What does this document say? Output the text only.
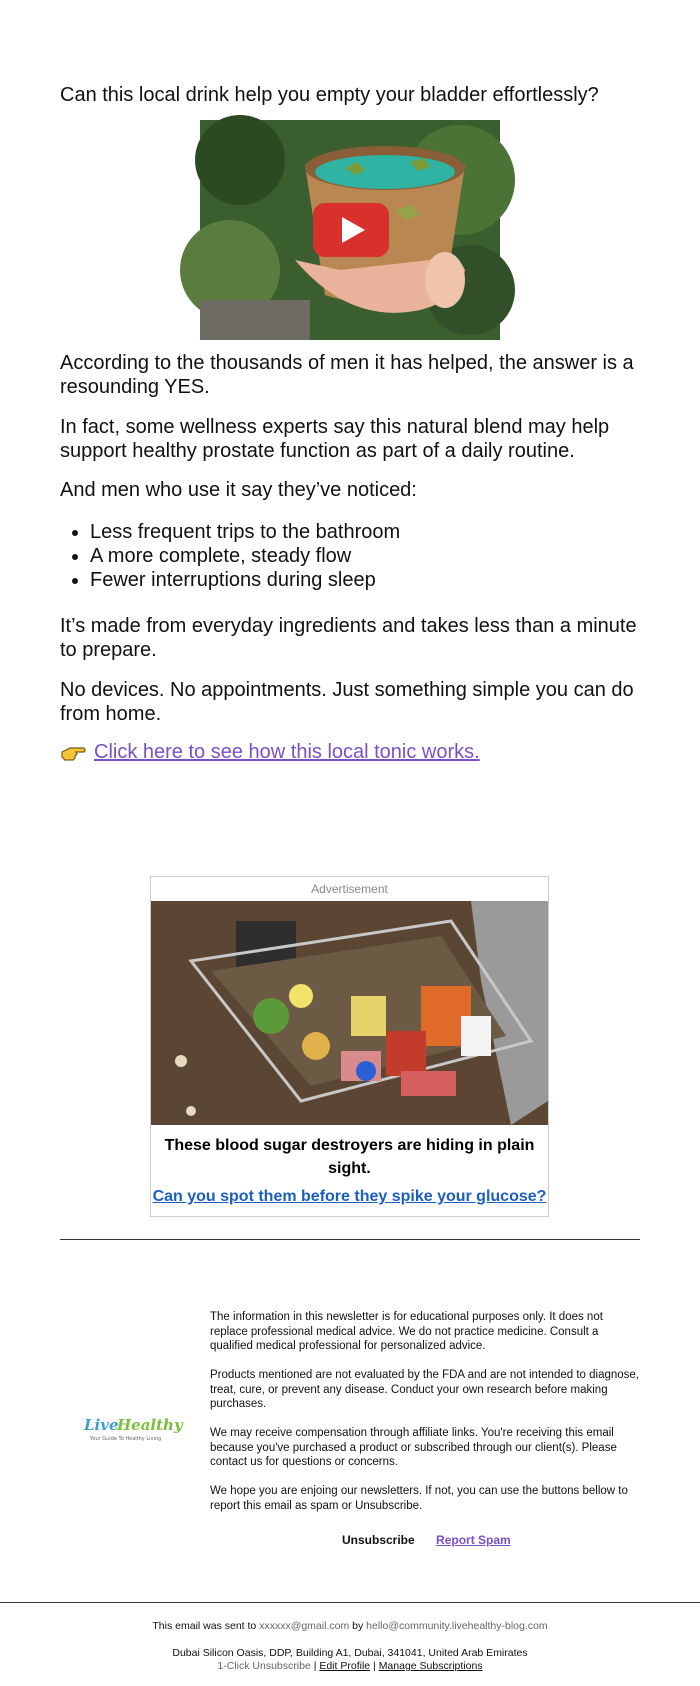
Can this local drink help you empty your bladder effortlessly?

According to the thousands of men it has helped, the answer is a resounding YES.

In fact, some wellness experts say this natural blend may help support healthy prostate function as part of a daily routine.

And men who use it say they’ve noticed:

• Less frequent trips to the bathroom
• A more complete, steady flow
• Fewer interruptions during sleep

It’s made from everyday ingredients and takes less than a minute to prepare.

No devices. No appointments. Just something simple you can do from home.

Click here to see how this local tonic works.
Advertisement
These blood sugar destroyers are hiding in plain sight.
Can you spot them before they spike your glucose?
Live
Healthy
Your Guide To Healthy Living

The information in this newsletter is for educational purposes only. It does not replace professional medical advice. We do not practice medicine. Consult a qualified medical professional for personalized advice.

Products mentioned are not evaluated by the FDA and are not intended to diagnose, treat, cure, or prevent any disease. Conduct your own research before making purchases.

We may receive compensation through affiliate links. You're receiving this email because you've purchased a product or subscribed through our client(s). Please contact us for questions or concerns.

We hope you are enjoing our newsletters. If not, you can use the buttons bellow to report this email as spam or Unsubscribe.

Unsubscribe Report Spam
This email was sent to xxxxxx@gmail.com by hello@community.livehealthy-blog.com
Dubai Silicon Oasis, DDP, Building A1, Dubai, 341041, United Arab Emirates
1-Click Unsubscribe | Edit Profile | Manage Subscriptions
